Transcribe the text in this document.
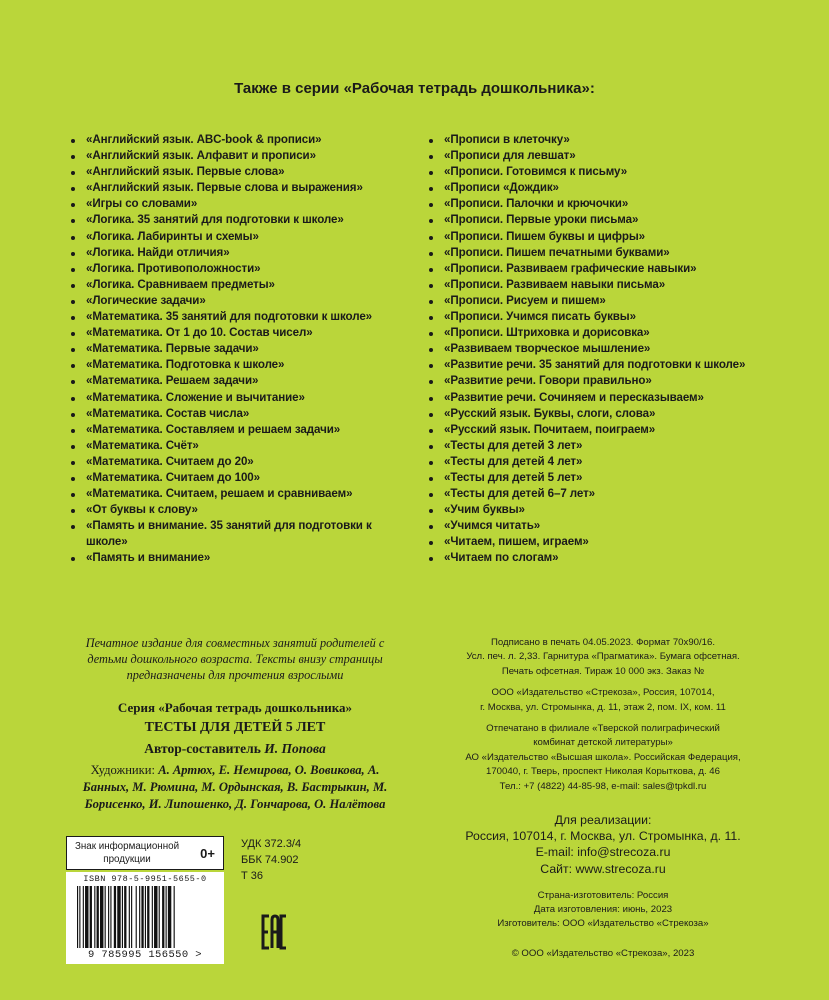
Также в серии «Рабочая тетрадь дошкольника»:
«Английский язык. ABC-book & прописи»
«Английский язык. Алфавит и прописи»
«Английский язык. Первые слова»
«Английский язык. Первые слова и выражения»
«Игры со словами»
«Логика. 35 занятий для подготовки к школе»
«Логика. Лабиринты и схемы»
«Логика. Найди отличия»
«Логика. Противоположности»
«Логика. Сравниваем предметы»
«Логические задачи»
«Математика. 35 занятий для подготовки к школе»
«Математика. От 1 до 10. Состав чисел»
«Математика. Первые задачи»
«Математика. Подготовка к школе»
«Математика. Решаем задачи»
«Математика. Сложение и вычитание»
«Математика. Состав числа»
«Математика. Составляем и решаем задачи»
«Математика. Счёт»
«Математика. Считаем до 20»
«Математика. Считаем до 100»
«Математика. Считаем, решаем и сравниваем»
«От буквы к слову»
«Память и внимание. 35 занятий для подготовки к школе»
«Память и внимание»
«Прописи в клеточку»
«Прописи для левшат»
«Прописи. Готовимся к письму»
«Прописи «Дождик»
«Прописи. Палочки и крючочки»
«Прописи. Первые уроки письма»
«Прописи. Пишем буквы и цифры»
«Прописи. Пишем печатными буквами»
«Прописи. Развиваем графические навыки»
«Прописи. Развиваем навыки письма»
«Прописи. Рисуем и пишем»
«Прописи. Учимся писать буквы»
«Прописи. Штриховка и дорисовка»
«Развиваем творческое мышление»
«Развитие речи. 35 занятий для подготовки к школе»
«Развитие речи. Говори правильно»
«Развитие речи. Сочиняем и пересказываем»
«Русский язык. Буквы, слоги, слова»
«Русский язык. Почитаем, поиграем»
«Тесты для детей 3 лет»
«Тесты для детей 4 лет»
«Тесты для детей 5 лет»
«Тесты для детей 6–7 лет»
«Учим буквы»
«Учимся читать»
«Читаем, пишем, играем»
«Читаем по слогам»
Печатное издание для совместных занятий родителей с детьми дошкольного возраста. Тексты внизу страницы предназначены для прочтения взрослыми
Серия «Рабочая тетрадь дошкольника»
ТЕСТЫ ДЛЯ ДЕТЕЙ 5 ЛЕТ
Автор-составитель И. Попова
Художники: А. Артюх, Е. Немирова, О. Вовикова, А. Банных, М. Рюмина, М. Ордынская, В. Бастрыкин, М. Борисенко, И. Липошенко, Д. Гончарова, О. Налётова

Подписано в печать 04.05.2023. Формат 70x90/16.

Усл. печ. л. 2,33. Гарнитура «Прагматика». Бумага офсетная.

Печать офсетная. Тираж 10 000 экз. Заказ №

ООО «Издательство «Стрекоза», Россия, 107014,

г. Москва, ул. Стромынка, д. 11, этаж 2, пом. IX, ком. 11

Отпечатано в филиале «Тверской полиграфический

комбинат детской литературы»

АО «Издательство «Высшая школа». Российская Федерация,

170040, г. Тверь, проспект Николая Корыткова, д. 46

Тел.: +7 (4822) 44-85-98, e-mail: sales@tpkdl.ru

Для реализации:

Россия, 107014, г. Москва, ул. Стромынка, д. 11.

E-mail: info@strecoza.ru

Сайт: www.strecoza.ru

Страна-изготовитель: Россия

Дата изготовления: июнь, 2023

Изготовитель: ООО «Издательство «Стрекоза»

© ООО «Издательство «Стрекоза», 2023
Знак информационной продукции	0+

УДК 372.3/4

ББК 74.902

Т 36

ISBN 978-5-9951-5655-0
9 785995 156550 >
